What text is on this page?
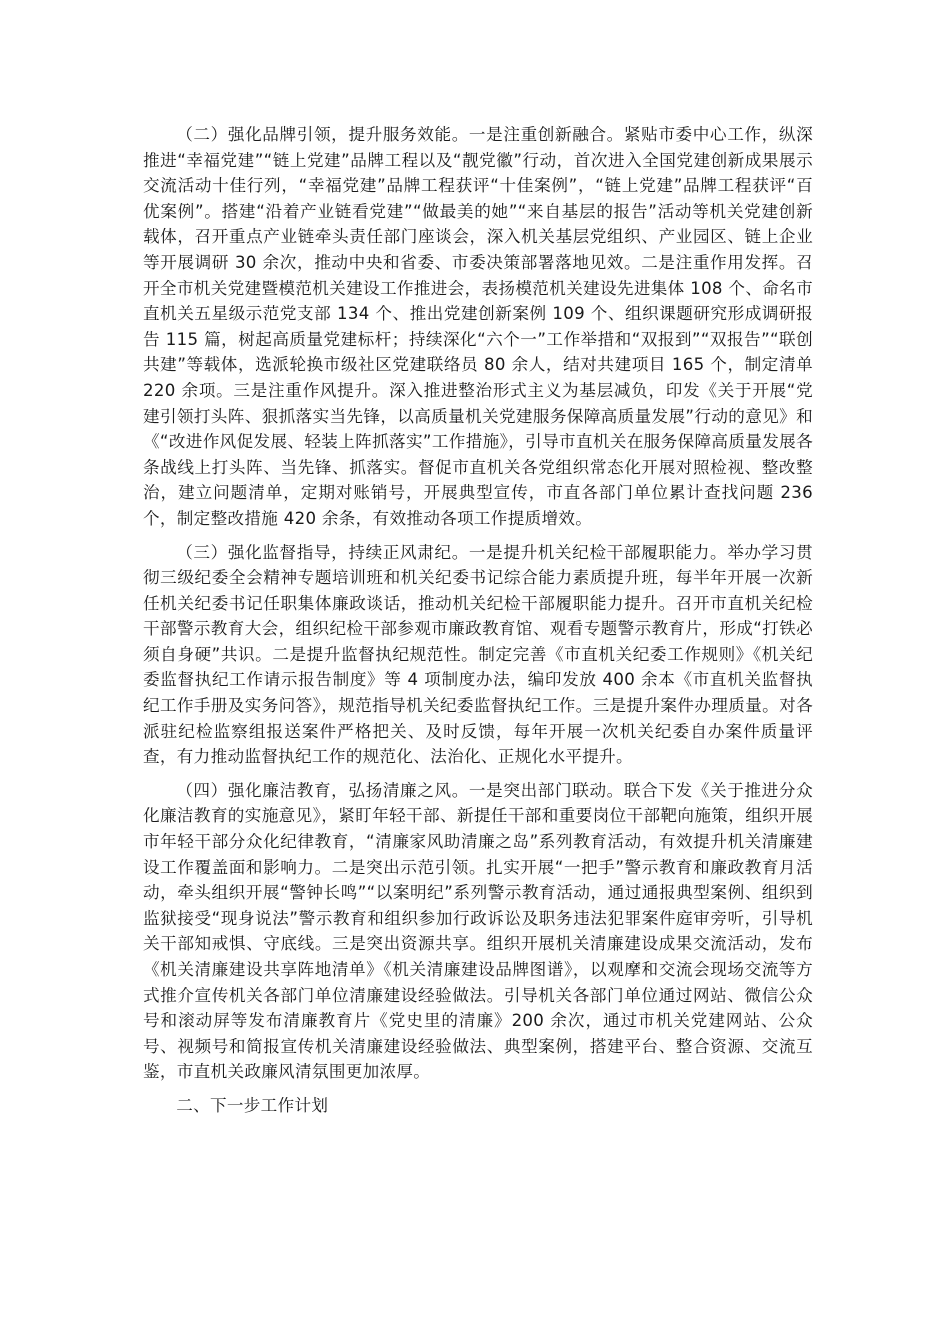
（二）强化品牌引领，提升服务效能。一是注重创新融合。紧贴市委中心工作，纵深推进“幸福党建”“链上党建”品牌工程以及“靓党徽”行动，首次进入全国党建创新成果展示交流活动十佳行列，“幸福党建”品牌工程获评“十佳案例”，“链上党建”品牌工程获评“百优案例”。搭建“沿着产业链看党建”“做最美的她”“来自基层的报告”活动等机关党建创新载体，召开重点产业链牵头责任部门座谈会，深入机关基层党组织、产业园区、链上企业等开展调研 30 余次，推动中央和省委、市委决策部署落地见效。二是注重作用发挥。召开全市机关党建暨模范机关建设工作推进会，表扬模范机关建设先进集体 108 个、命名市直机关五星级示范党支部 134 个、推出党建创新案例 109 个、组织课题研究形成调研报告 115 篇，树起高质量党建标杆；持续深化“六个一”工作举措和“双报到”“双报告”“联创共建”等载体，选派轮换市级社区党建联络员 80 余人，结对共建项目 165 个，制定清单 220 余项。三是注重作风提升。深入推进整治形式主义为基层减负，印发《关于开展“党建引领打头阵、狠抓落实当先锋，以高质量机关党建服务保障高质量发展”行动的意见》和《“改进作风促发展、轻装上阵抓落实”工作措施》，引导市直机关在服务保障高质量发展各条战线上打头阵、当先锋、抓落实。督促市直机关各党组织常态化开展对照检视、整改整治，建立问题清单，定期对账销号，开展典型宣传，市直各部门单位累计查找问题 236 个，制定整改措施 420 余条，有效推动各项工作提质增效。

（三）强化监督指导，持续正风肃纪。一是提升机关纪检干部履职能力。举办学习贯彻三级纪委全会精神专题培训班和机关纪委书记综合能力素质提升班，每半年开展一次新任机关纪委书记任职集体廉政谈话，推动机关纪检干部履职能力提升。召开市直机关纪检干部警示教育大会，组织纪检干部参观市廉政教育馆、观看专题警示教育片，形成“打铁必须自身硬”共识。二是提升监督执纪规范性。制定完善《市直机关纪委工作规则》《机关纪委监督执纪工作请示报告制度》等 4 项制度办法，编印发放 400 余本《市直机关监督执纪工作手册及实务问答》，规范指导机关纪委监督执纪工作。三是提升案件办理质量。对各派驻纪检监察组报送案件严格把关、及时反馈，每年开展一次机关纪委自办案件质量评查，有力推动监督执纪工作的规范化、法治化、正规化水平提升。

（四）强化廉洁教育，弘扬清廉之风。一是突出部门联动。联合下发《关于推进分众化廉洁教育的实施意见》，紧盯年轻干部、新提任干部和重要岗位干部靶向施策，组织开展市年轻干部分众化纪律教育，“清廉家风助清廉之岛”系列教育活动，有效提升机关清廉建设工作覆盖面和影响力。二是突出示范引领。扎实开展“一把手”警示教育和廉政教育月活动，牵头组织开展“警钟长鸣”“以案明纪”系列警示教育活动，通过通报典型案例、组织到监狱接受“现身说法”警示教育和组织参加行政诉讼及职务违法犯罪案件庭审旁听，引导机关干部知戒惧、守底线。三是突出资源共享。组织开展机关清廉建设成果交流活动，发布《机关清廉建设共享阵地清单》《机关清廉建设品牌图谱》，以观摩和交流会现场交流等方式推介宣传机关各部门单位清廉建设经验做法。引导机关各部门单位通过网站、微信公众号和滚动屏等发布清廉教育片《党史里的清廉》200 余次，通过市机关党建网站、公众号、视频号和简报宣传机关清廉建设经验做法、典型案例，搭建平台、整合资源、交流互鉴，市直机关政廉风清氛围更加浓厚。

二、下一步工作计划
